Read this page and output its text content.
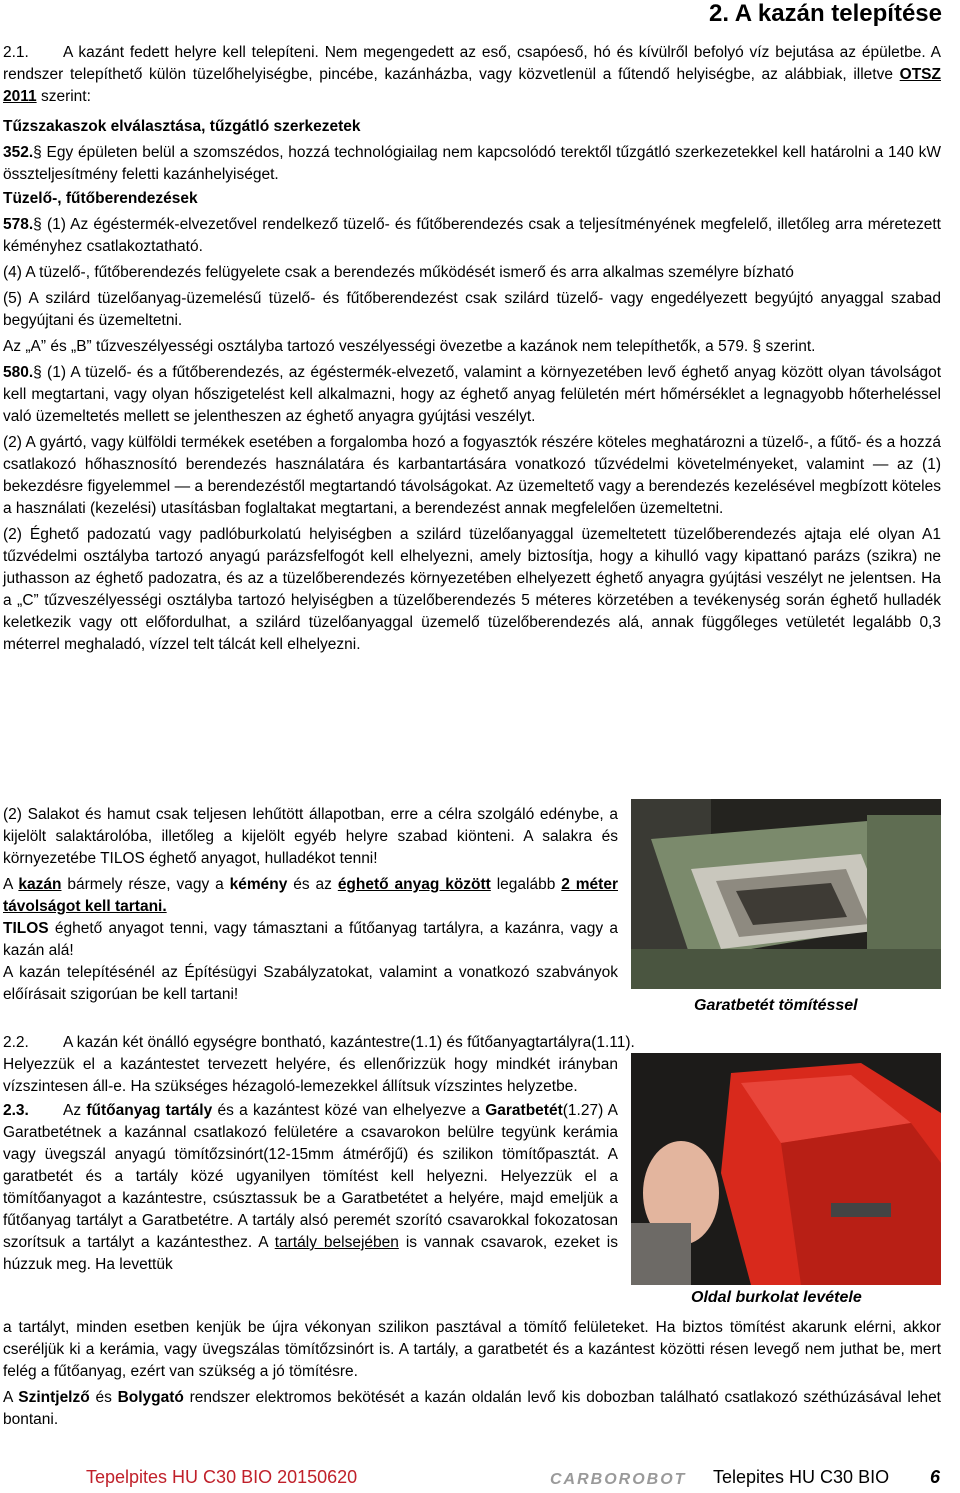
2. A kazán telepítése

2.1. A kazánt fedett helyre kell telepíteni. Nem megengedett az eső, csapóeső, hó és kívülről befolyó víz bejutása az épületbe. A rendszer telepíthető külön tüzelőhelyiségbe, pincébe, kazánházba, vagy közvetlenül a fűtendő helyiségbe, az alábbiak, illetve OTSZ 2011 szerint:

Tűzszakaszok elválasztása, tűzgátló szerkezetek

352.§ Egy épületen belül a szomszédos, hozzá technológiailag nem kapcsolódó terektől tűzgátló szerkezetekkel kell határolni a 140 kW összteljesítmény feletti kazánhelyiséget.

Tüzelő-, fűtőberendezések

578.§ (1) Az égéstermék-elvezetővel rendelkező tüzelő- és fűtőberendezés csak a teljesítményének megfelelő, illetőleg arra méretezett kéményhez csatlakoztatható.

(4) A tüzelő-, fűtőberendezés felügyelete csak a berendezés működését ismerő és arra alkalmas személyre bízható

(5) A szilárd tüzelőanyag-üzemelésű tüzelő- és fűtőberendezést csak szilárd tüzelő- vagy engedélyezett begyújtó anyaggal szabad begyújtani és üzemeltetni.

Az „A” és „B” tűzveszélyességi osztályba tartozó veszélyességi övezetbe a kazánok nem telepíthetők, a 579. § szerint.

580.§ (1) A tüzelő- és a fűtőberendezés, az égéstermék-elvezető, valamint a környezetében levő éghető anyag között olyan távolságot kell megtartani, vagy olyan hőszigetelést kell alkalmazni, hogy az éghető anyag felületén mért hőmérséklet a legnagyobb hőterheléssel való üzemeltetés mellett se jelentheszen az éghető anyagra gyújtási veszélyt.

(2) A gyártó, vagy külföldi termékek esetében a forgalomba hozó a fogyasztók részére köteles meghatározni a tüzelő-, a fűtő- és a hozzá csatlakozó hőhasznosító berendezés használatára és karbantartására vonatkozó tűzvédelmi követelményeket, valamint — az (1) bekezdésre figyelemmel — a berendezéstől megtartandó távolságokat. Az üzemeltető vagy a berendezés kezelésével megbízott köteles a használati (kezelési) utasításban foglaltakat megtartani, a berendezést annak megfelelően üzemeltetni.

(2) Éghető padozatú vagy padlóburkolatú helyiségben a szilárd tüzelőanyaggal üzemeltetett tüzelőberendezés ajtaja elé olyan A1 tűzvédelmi osztályba tartozó anyagú parázsfelfogót kell elhelyezni, amely biztosítja, hogy a kihulló vagy kipattanó parázs (szikra) ne juthasson az éghető padozatra, és az a tüzelőberendezés környezetében elhelyezett éghető anyagra gyújtási veszélyt ne jelentsen. Ha a „C” tűzveszélyességi osztályba tartozó helyiségben a tüzelőberendezés 5 méteres körzetében a tevékenység során éghető hulladék keletkezik vagy ott előfordulhat, a szilárd tüzelőanyaggal üzemelő tüzelőberendezés alá, annak függőleges vetületét legalább 0,3 méterrel meghaladó, vízzel telt tálcát kell elhelyezni.

(2) Salakot és hamut csak teljesen lehűtött állapotban, erre a célra szolgáló edénybe, a kijelölt salaktárolóba, illetőleg a kijelölt egyéb helyre szabad kiönteni. A salakra és környezetébe TILOS éghető anyagot, hulladékot tenni!

A kazán bármely része, vagy a kémény és az éghető anyag között legalább 2 méter távolságot kell tartani.

TILOS éghető anyagot tenni, vagy támasztani a fűtőanyag tartályra, a kazánra, vagy a kazán alá!

A kazán telepítésénél az Építésügyi Szabályzatokat, valamint a vonatkozó szabványok előírásait szigorúan be kell tartani!

2.2. A kazán két önálló egységre bontható, kazántestre(1.1) és fűtőanyagtartályra(1.11).

Helyezzük el a kazántestet tervezett helyére, és ellenőrizzük hogy mindkét irányban vízszintesen áll-e. Ha szükséges hézagoló-lemezekkel állítsuk vízszintes helyzetbe.

2.3. Az fűtőanyag tartály és a kazántest közé van elhelyezve a Garatbetét(1.27) A Garatbetétnek a kazánnal csatlakozó felületére a csavarokon belülre tegyünk kerámia vagy üvegszál anyagú tömítőzsinórt(12-15mm átmérőjű) és szilikon tömítőpasztát. A garatbetét és a tartály közé ugyanilyen tömítést kell helyezni. Helyezzük el a tömítőanyagot a kazántestre, csúsztassuk be a Garatbetétet a helyére, majd emeljük a fűtőanyag tartályt a Garatbetétre. A tartály alsó peremét szorító csavarokkal fokozatosan szorítsuk a tartályt a kazántesthez. A tartály belsejében is vannak csavarok, ezeket is húzzuk meg. Ha levettük

a tartályt, minden esetben kenjük be újra vékonyan szilikon pasztával a tömítő felületeket. Ha biztos tömítést akarunk elérni, akkor cseréljük ki a kerámia, vagy üvegszálas tömítőzsinórt is. A tartály, a garatbetét és a kazántest közötti résen levegő nem juthat be, mert felég a fűtőanyag, ezért van szükség a jó tömítésre.

A Szintjelző és Bolygató rendszer elektromos bekötését a kazán oldalán levő kis dobozban található csatlakozó széthúzásával lehet bontani.

Garatbetét tömítéssel
Oldal burkolat levétele
Tepelpites HU C30 BIO 20150620	CARBOROBOT Telepites HU C30 BIO 6
